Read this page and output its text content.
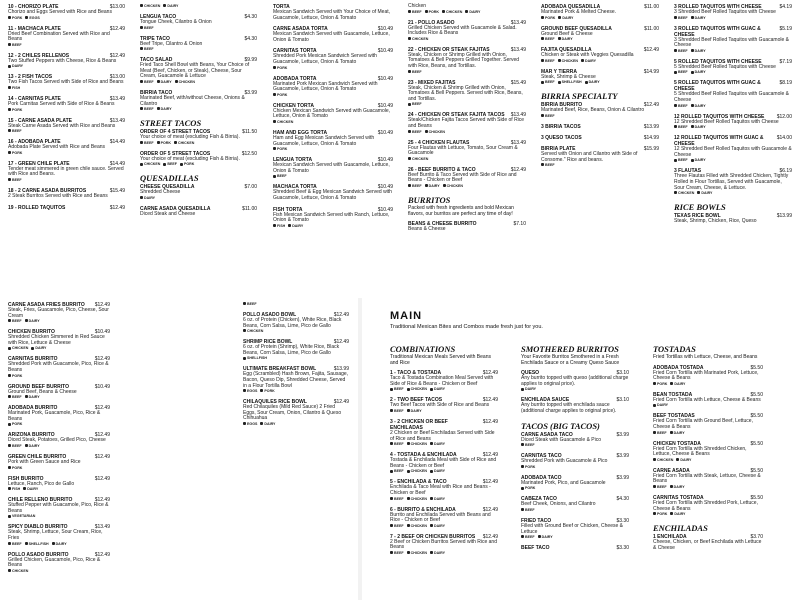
$13.00
10 - CHORIZO PLATE
Chorizo and Eggs Served with Rice and Beans
PORK EGGS
$12.49
11 - MACHACA PLATE
Dried Beef Combination Served with Rice and Beans
BEEF
$12.49
12 - 2 CHILES RELLENOS
Two Stuffed Peppers with Cheese, Rice & Beans
DAIRY
$13.00
13 - 2 FISH TACOS
Two Fish Tacos Served with Side of Rice and Beans
FISH
$13.49
14 - CARNITAS PLATE
Pork Carnitas Served with Side of Rice & Beans
PORK
$13.49
15 - CARNE ASADA PLATE
Steak Carne Asada Served with Rice and Beans
BEEF
$14.49
16 - ADOBADA PLATE
Adobada Plate Served with Rice and Beans
PORK
$14.49
17 - GREEN CHILE PLATE
Tender meat simmered in green chile sauce. Served with Rice and Beans.
BEEF
$15.49
18 - 2 CARNE ASADA BURRITOS
2 Steak Burritos Served with Rice and Beans
$12.49
19 - ROLLED TAQUITOS
CHICKEN DAIRY
$4.30
LENGUA TACO
Tongue Cheek, Cilantro & Onion
BEEF
$4.30
TRIPE TACO
Beef Tripe, Cilantro & Onion
BEEF
$9.99
TACO SALAD
Fried Taco Shell Bowl with Beans, Your Choice of Meat (Beef, Chicken, or Steak), Cheese, Sour Cream, Guacamole & Lettuce
BEEF DAIRY CHICKEN
$3.99
BIRRIA TACO
Marinated Beef, with/without Cheese, Onions & Cilantro
BEEF DAIRY
STREET TACOS
$11.50
ORDER OF 4 STREET TACOS
Your choice of meat (excluding Fish & Birria).
BEEF PORK CHICKEN
$12.50
ORDER OF 5 STREET TACOS
Your choice of meat (excluding Fish & Birria).
CHICKEN BEEF PORK
QUESADILLAS
$7.00
CHEESE QUESADILLA
Shredded Cheese
DAIRY
$11.00
CARNE ASADA QUESADILLA
Diced Steak and Cheese
TORTA
Mexican Sandwich Served with Your Choice of Meat, Guacamole, Lettuce, Onion & Tomato
$10.49
CARNE ASADA TORTA
Mexican Sandwich Served with Guacamole, Lettuce, Onion & Tomato
$10.49
CARNITAS TORTA
Shredded Pork Mexican Sandwich Served with Guacamole, Lettuce, Onion & Tomato
PORK
$10.49
ADOBADA TORTA
Marinated Pork Mexican Sandwich Served with Guacamole, Lettuce, Onion & Tomato
PORK
$10.49
CHICKEN TORTA
Chicken Mexican Sandwich Served with Guacamole, Lettuce, Onion & Tomato
CHICKEN
$10.49
HAM AND EGG TORTA
Ham and Egg Mexican Sandwich Served with Guacamole, Lettuce, Onion & Tomato
PORK
$10.49
LENGUA TORTA
Mexican Sandwich Served with Guacamole, Lettuce, Onion & Tomato
BEEF
$10.49
MACHACA TORTA
Shredded Beef & Egg Mexican Sandwich Served with Guacamole, Lettuce, Onion & Tomato
$10.49
FISH TORTA
Fish Mexican Sandwich Served with Ranch, Lettuce, Onion & Tomato
FISH DAIRY
Chicken
BEEF PORK CHICKEN DAIRY
$13.49
21 - POLLO ASADO
Grilled Chicken Served with Guacamole & Salad. Includes Rice & Beans
CHICKEN
$13.49
22 - CHICKEN OR STEAK FAJITAS
Steak, Chicken or Shrimp Grilled with Onion, Tomatoes & Bell Peppers Grilled Together. Served with Rice, Beans, and Tortillas.
BEEF
$15.49
23 - MIXED FAJITAS
Steak, Chicken & Shrimp Grilled with Onion, Tomatoes & Bell Peppers. Served with Rice, Beans, and Tortillas.
BEEF
$13.49
24 - CHICKEN OR STEAK FAJITA TACOS
Steak/Chicken Fajita Tacos Served with Side of Rice and Beans
BEEF CHICKEN
$13.49
25 - 4 CHICKEN FLAUTAS
Four Flautas with Lettuce, Tomato, Sour Cream & Guacamole
CHICKEN
$12.49
26 - BEEF BURRITO & TACO
Beef Burrito & Taco Served with Side of Rice and Beans - Chicken or Beef
BEEF DAIRY CHICKEN
BURRITOS
Packed with fresh ingredients and bold Mexican flavors, our burritos are perfect any time of day!
$7.10
BEANS & CHEESE BURRITO
Beans & Cheese
$11.00
ADOBADA QUESADILLA
Marinated Pork & Melted Cheese.
PORK DAIRY
$11.00
GROUND BEEF QUESADILLA
Ground Beef & Cheese
BEEF DAIRY
$12.49
FAJITA QUESADILLA
Chicken or Steak with Veggies Quesadilla
BEEF CHICKEN DAIRY
$14.99
MAR Y TIERRA
Steak, Shrimp & Cheese
BEEF SHELLFISH DAIRY
BIRRIA SPECIALTY
$12.49
BIRRIA BURRITO
Marinated Beef, Rice, Beans, Onion & Cilantro
BEEF
$13.99
3 BIRRIA TACOS
$14.99
3 QUESO TACOS
$15.99
BIRRIA PLATE
Served with Onion and Cilantro with Side of Consome." Rice and beans.
BEEF
$4.19
3 ROLLED TAQUITOS WITH CHEESE
3 Shredded Beef Rolled Taquitos with Cheese
BEEF DAIRY
$5.19
3 ROLLED TAQUITOS WITH GUAC & CHEESE
3 Shredded Beef Rolled Taquitos with Guacamole & Cheese
BEEF DAIRY
$7.19
5 ROLLED TAQUITOS WITH CHEESE
5 Shredded Beef Rolled Taquitos with Cheese
BEEF DAIRY
$8.19
5 ROLLED TAQUITOS WITH GUAC & CHEESE
5 Shredded Beef Rolled Taquitos with Guacamole & Cheese
BEEF DAIRY
$12.00
12 ROLLED TAQUITOS WITH CHEESE
12 Shredded Beef Rolled Taquitos with Cheese
BEEF DAIRY
$14.00
12 ROLLED TAQUITOS WITH GUAC & CHEESE
12 Shredded Beef Rolled Taquitos with Guacamole & Cheese
BEEF DAIRY
$6.19
3 FLAUTAS
Three Flautas Filled with Shredded Chicken, Tightly Rolled in Flour Tortillas, Served with Guacamole, Sour Cream, Cheese, & Lettuce.
CHICKEN DAIRY
RICE BOWLS
$13.99
TEXAS RICE BOWL
Steak, Shrimp, Chicken, Rice, Queso
$12.49
CARNE ASADA FRIES BURRITO
Steak, Fries, Guacamole, Pico, Cheese, Sour Cream
BEEF DAIRY
$10.49
CHICKEN BURRITO
Shredded Chicken Simmered in Red Sauce with Rice, Lettuce & Cheese
CHICKEN DAIRY
$12.49
CARNITAS BURRITO
Shredded Pork with Guacamole, Pico, Rice & Beans
PORK
$10.49
GROUND BEEF BURRITO
Ground Beef, Beans & Cheese
BEEF DAIRY
$12.49
ADOBADA BURRITO
Marinated Pork, Guacamole, Pico, Rice & Beans
PORK
$12.49
ARIZONA BURRITO
Diced Steak, Potatoes, Grilled Pico, Cheese
BEEF DAIRY
$12.49
GREEN CHILE BURRITO
Pork with Green Sauce and Rice
PORK
$12.49
FISH BURRITO
Lettuce, Ranch, Pico de Gallo
FISH DAIRY
$12.49
CHILE RELLENO BURRITO
Stuffed Pepper with Guacamole, Pico, Rice & Beans
VEGETARIAN
$13.49
SPICY DIABLO BURRITO
Steak, Shrimp, Lettuce, Sour Cream, Rice, Fries
BEEF SHELLFISH DAIRY
$12.49
POLLO ASADO BURRITO
Grilled Chicken, Guacamole, Pico, Rice & Beans
CHICKEN
BEEF
$12.49
POLLO ASADO BOWL
6 oz. of Protein (Chicken), White Rice, Black Beans, Corn Salsa, Lime, Pico de Gallo
CHICKEN
$12.49
SHRIMP RICE BOWL
6 oz. of Protein (Shrimp), White Rice, Black Beans, Corn Salsa, Lime, Pico de Gallo
SHELLFISH
$13.99
ULTIMATE BREAKFAST BOWL
Egg (Scrambled) Hash Brown, Fajita, Sausage, Bacon, Queso Dip, Shredded Cheese, Served in a Flour Tortilla Bowl
EGGS PORK
$12.49
CHILAQUILES RICE BOWL
Red Chilaquiles (Mild Red Sauce) 2 Fried Eggs, Sour Cream, Onion, Cilantro & Queso Chihuahua
EGGS DAIRY
MAIN
Traditional Mexican Bites and Combos made fresh just for you.
COMBINATIONS
Traditional Mexican Meals Served with Beans and Rice
$12.49
1 - TACO & TOSTADA
Taco & Tostada Combination Meal Served with Side of Rice & Beans - Chicken or Beef
BEEF CHICKEN DAIRY
$12.49
2 - TWO BEEF TACOS
Two Beef Tacos with Side of Rice and Beans
BEEF DAIRY
$12.49
3 - 2 CHICKEN OR BEEF ENCHILADAS
2 Chicken or Beef Enchiladas Served with Side of Rice and Beans
BEEF CHICKEN DAIRY
$12.49
4 - TOSTADA & ENCHILADA
Tostada & Enchilada Meal with Side of Rice and Beans - Chicken or Beef
BEEF CHICKEN DAIRY
$12.49
5 - ENCHILADA & TACO
Enchilada & Taco Meal with Rice and Beans - Chicken or Beef
BEEF CHICKEN DAIRY
$12.49
6 - BURRITO & ENCHILADA
Burrito and Enchilada Served with Beans and Rice - Chicken or Beef
BEEF CHICKEN DAIRY
$12.49
7 - 2 BEEF OR CHICKEN BURRITOS
2 Beef or Chicken Burritos Served with Rice and Beans
BEEF CHICKEN DAIRY
SMOTHERED BURRITOS
Your Favorite Burritos Smothered in a Fresh Enchilada Sauce or a Creamy Queso Sauce
$3.10
QUESO
Any burrito topped with queso (additional charge applies to original price).
DAIRY
$3.10
ENCHILADA SAUCE
Any burrito topped with enchilada sauce (additional charge applies to original price).
TACOS (BIG TACOS)
$3.99
CARNE ASADA TACO
Diced Steak with Guacamole & Pico
BEEF
$3.99
CARNITAS TACO
Shredded Pork with Guacamole & Pico
PORK
$3.99
ADOBADA TACO
Marinated Pork, Pico, and Guacamole
PORK
$4.30
CABEZA TACO
Beef Cheek, Onions, and Cilantro
BEEF
$3.30
FRIED TACO
Filled with Ground Beef or Chicken, Cheese & Lettuce
BEEF DAIRY
$3.30
BEEF TACO
TOSTADAS
Fried Tortillas with Lettuce, Cheese, and Beans
$5.50
ADOBADA TOSTADA
Fried Corn Tortilla with Marinated Pork, Lettuce, Cheese & Beans
PORK DAIRY
$5.50
BEAN TOSTADA
Fried Corn Tortilla with Lettuce, Cheese & Beans
DAIRY
$5.50
BEEF TOSTADAS
Fried Corn Tortilla with Ground Beef, Lettuce, Cheese & Beans
BEEF DAIRY
$5.50
CHICKEN TOSTADA
Fried Corn Tortilla with Shredded Chicken, Lettuce, Cheese & Beans
CHICKEN DAIRY
$5.50
CARNE ASADA
Fried Corn Tortilla with Steak, Lettuce, Cheese & Beans
BEEF DAIRY
$5.50
CARNITAS TOSTADA
Fried Corn Tortilla with Shredded Pork, Lettuce, Cheese & Beans
PORK DAIRY
ENCHILADAS
$3.70
1 ENCHILADA
Cheese, Chicken, or Beef Enchilada with Lettuce & Cheese
